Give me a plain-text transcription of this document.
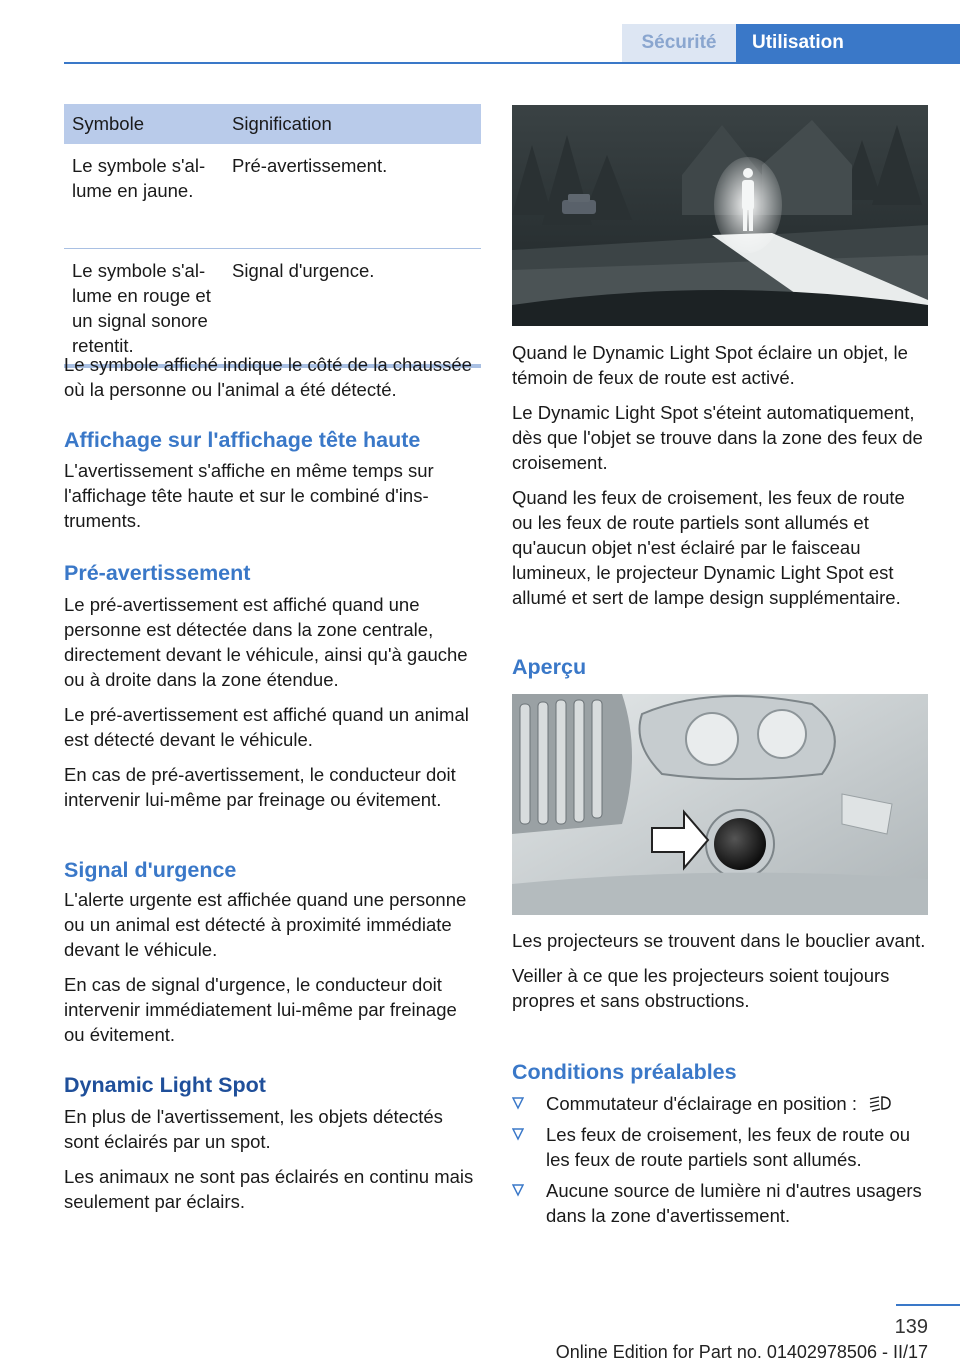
Sécurité	Utilisation
Symbole	Signification
Le symbole s'allume en jaune.
Pré-avertissement.
Le symbole s'allume en rouge et un signal sonore retentit.
Signal d'urgence.

Le symbole affiché indique le côté de la chaussée où la personne ou l'animal a été détecté.

Affichage sur l'affichage tête haute

L'avertissement s'affiche en même temps sur l'affichage tête haute et sur le combiné d'instruments.

Pré-avertissement

Le pré-avertissement est affiché quand une personne est détectée dans la zone centrale, directement devant le véhicule, ainsi qu'à gauche ou à droite dans la zone étendue.

Le pré-avertissement est affiché quand un animal est détecté devant le véhicule.

En cas de pré-avertissement, le conducteur doit intervenir lui-même par freinage ou évitement.

Signal d'urgence

L'alerte urgente est affichée quand une personne ou un animal est détecté à proximité immédiate devant le véhicule.

En cas de signal d'urgence, le conducteur doit intervenir immédiatement lui-même par freinage ou évitement.

Dynamic Light Spot

En plus de l'avertissement, les objets détectés sont éclairés par un spot.

Les animaux ne sont pas éclairés en continu mais seulement par éclairs.

Quand le Dynamic Light Spot éclaire un objet, le témoin de feux de route est activé.

Le Dynamic Light Spot s'éteint automatiquement, dès que l'objet se trouve dans la zone des feux de croisement.

Quand les feux de croisement, les feux de route ou les feux de route partiels sont allumés et qu'aucun objet n'est éclairé par le faisceau lumineux, le projecteur Dynamic Light Spot est allumé et sert de lampe design supplémentaire.

Aperçu

Les projecteurs se trouvent dans le bouclier avant.

Veiller à ce que les projecteurs soient toujours propres et sans obstructions.

Conditions préalables
Commutateur d'éclairage en position :
Les feux de croisement, les feux de route ou les feux de route partiels sont allumés.
Aucune source de lumière ni d'autres usagers dans la zone d'avertissement.
139
Online Edition for Part no. 01402978506 - II/17
